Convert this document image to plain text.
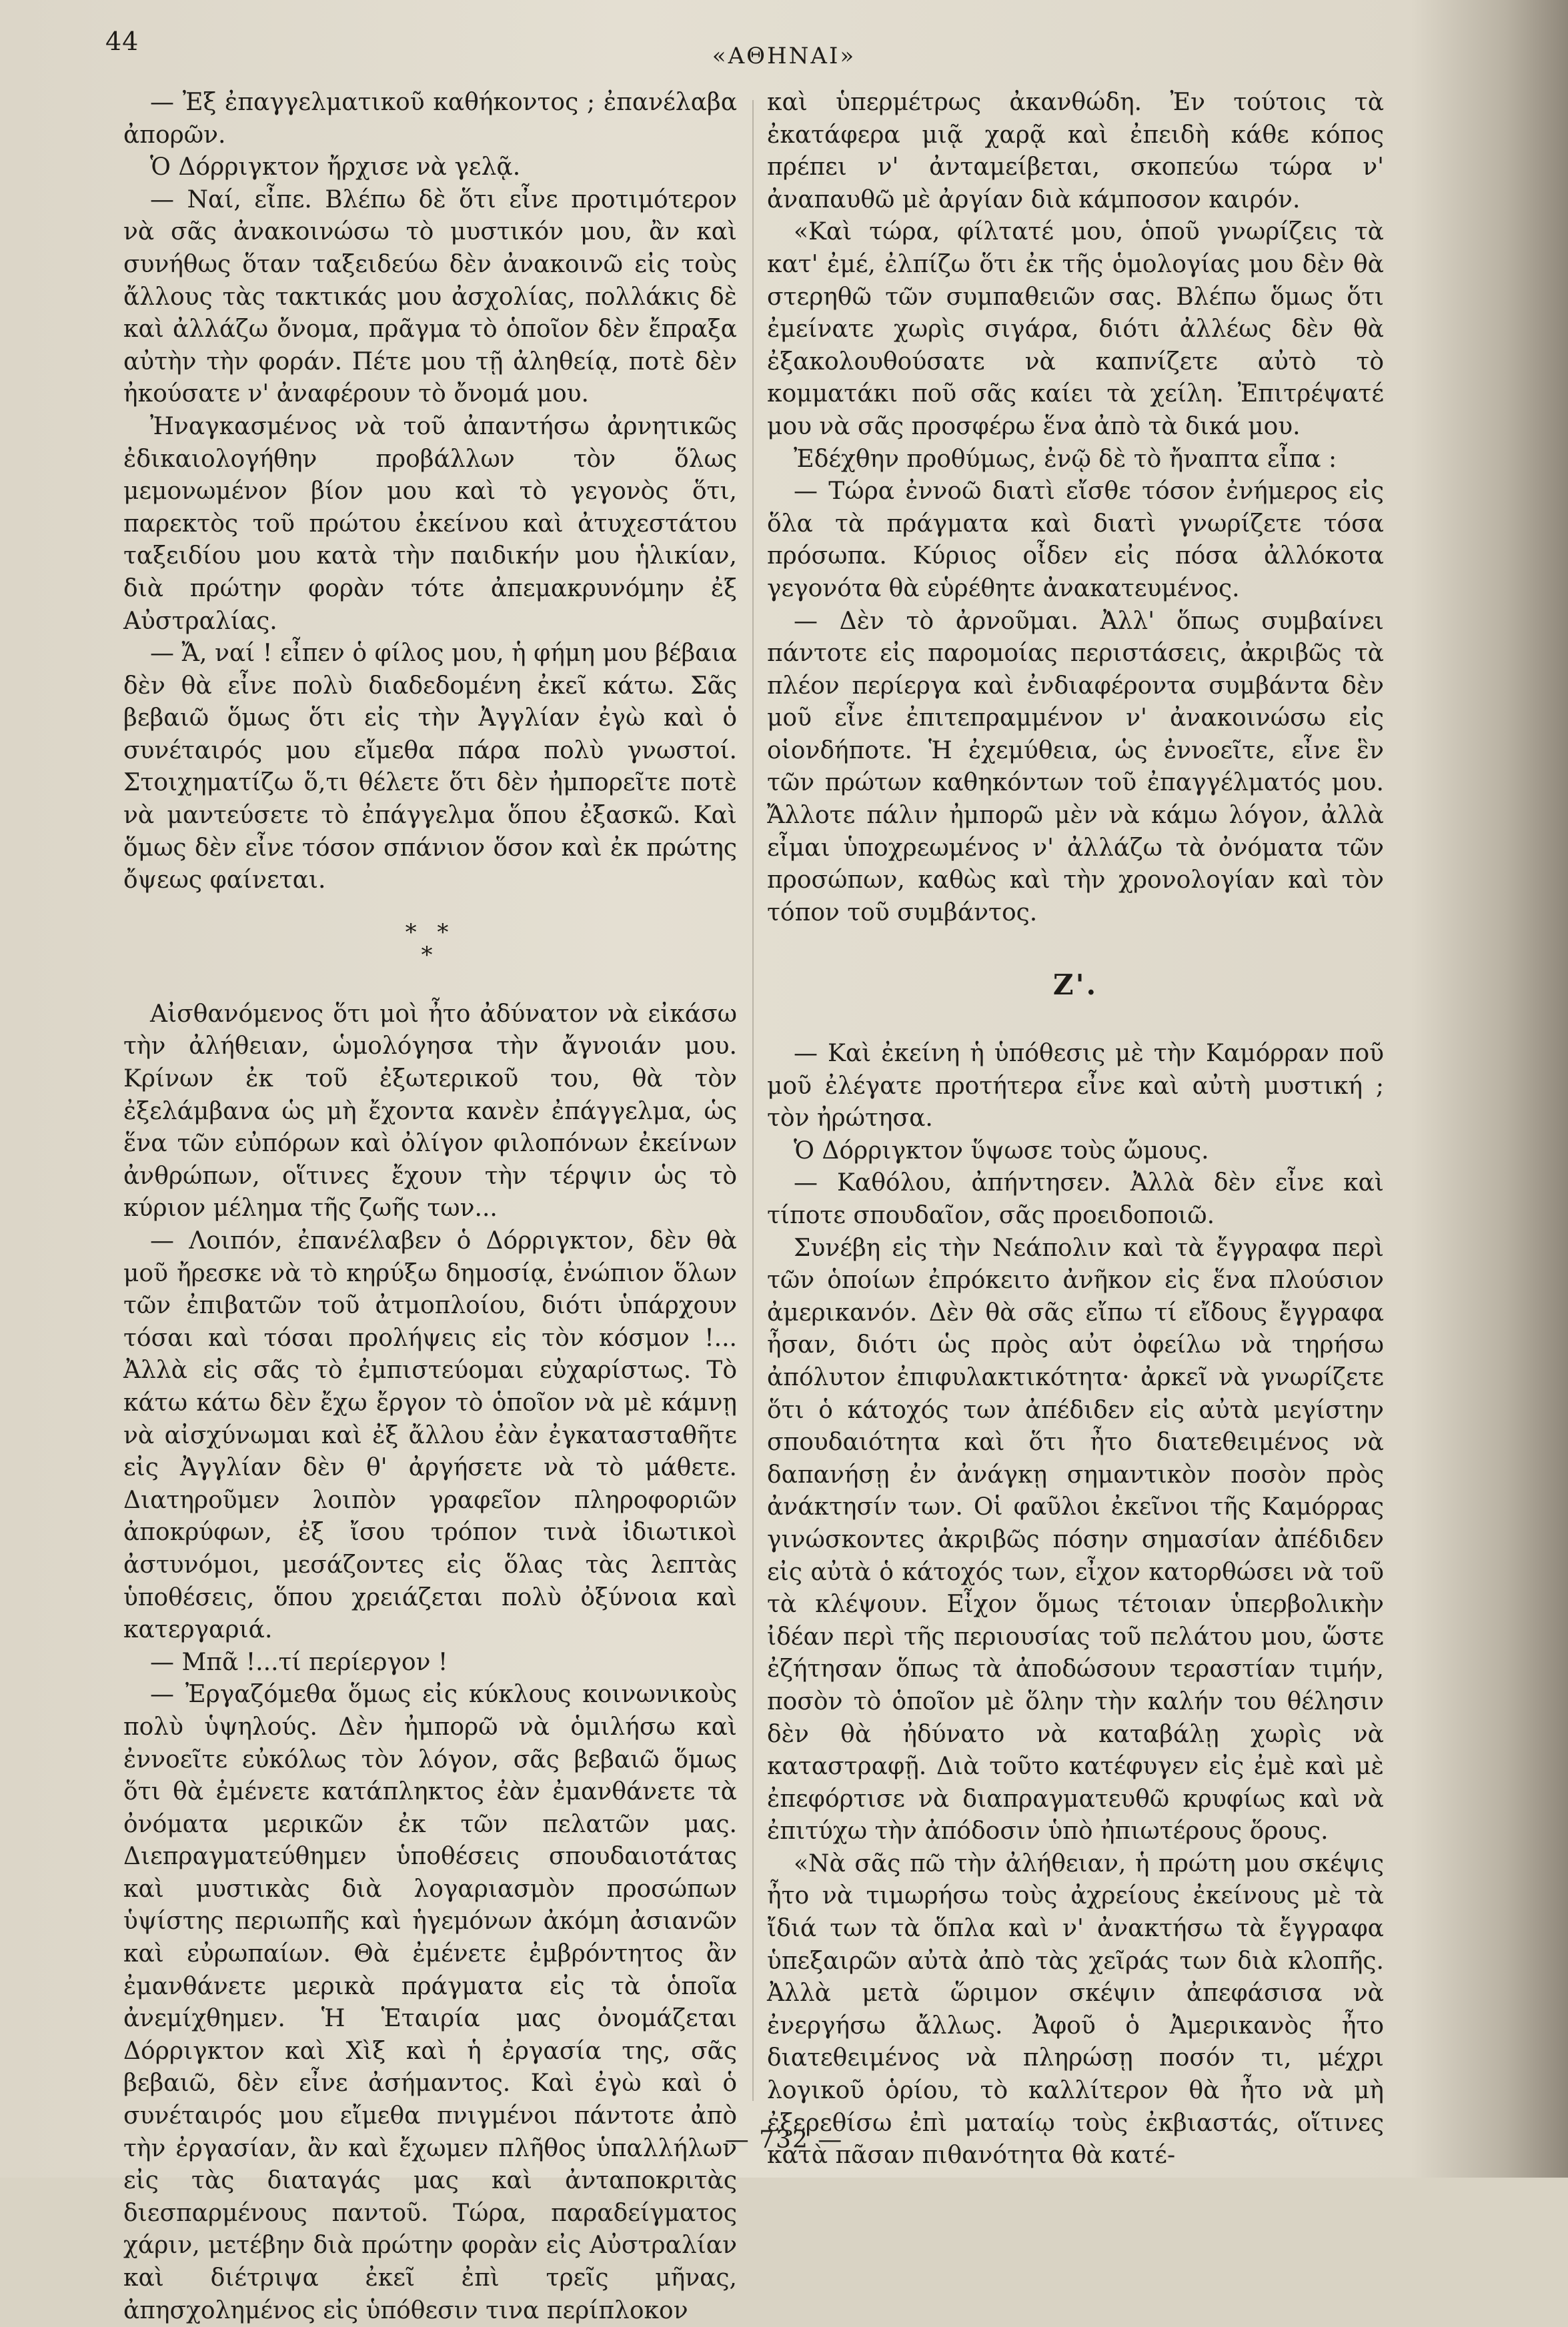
44	«ΑΘΗΝΑΙ»

— Ἐξ ἐπαγγελματικοῦ καθήκοντος ; ἐπανέλαβα ἀπορῶν.

Ὁ Δόρριγκτον ἤρχισε νὰ γελᾷ.

— Ναί, εἶπε. Βλέπω δὲ ὅτι εἶνε προτιμότερον νὰ σᾶς ἀνακοινώσω τὸ μυστικόν μου, ἂν καὶ συνήθως ὅταν ταξειδεύω δὲν ἀνακοινῶ εἰς τοὺς ἄλλους τὰς τακτικάς μου ἀσχολίας, πολλάκις δὲ καὶ ἀλλάζω ὄνομα, πρᾶγμα τὸ ὁποῖον δὲν ἔπραξα αὐτὴν τὴν φοράν. Πέτε μου τῇ ἀληθείᾳ, ποτὲ δὲν ἠκούσατε ν' ἀναφέρουν τὸ ὄνομά μου.

Ἠναγκασμένος νὰ τοῦ ἀπαντήσω ἀρνητικῶς ἐδικαιολογήθην προβάλλων τὸν ὅλως μεμονωμένον βίον μου καὶ τὸ γεγονὸς ὅτι, παρεκτὸς τοῦ πρώτου ἐκείνου καὶ ἀτυχεστάτου ταξειδίου μου κατὰ τὴν παιδικήν μου ἡλικίαν, διὰ πρώτην φορὰν τότε ἀπεμακρυνόμην ἐξ Αὐστραλίας.

— Ἄ, ναί ! εἶπεν ὁ φίλος μου, ἡ φήμη μου βέβαια δὲν θὰ εἶνε πολὺ διαδεδομένη ἐκεῖ κάτω. Σᾶς βεβαιῶ ὅμως ὅτι εἰς τὴν Ἀγγλίαν ἐγὼ καὶ ὁ συνέταιρός μου εἴμεθα πάρα πολὺ γνωστοί. Στοιχηματίζω ὅ,τι θέλετε ὅτι δὲν ἠμπορεῖτε ποτὲ νὰ μαντεύσετε τὸ ἐπάγγελμα ὅπου ἐξασκῶ. Καὶ ὅμως δὲν εἶνε τόσον σπάνιον ὅσον καὶ ἐκ πρώτης ὄψεως φαίνεται.

* *
*

Αἰσθανόμενος ὅτι μοὶ ἦτο ἀδύνατον νὰ εἰκάσω τὴν ἀλήθειαν, ὡμολόγησα τὴν ἄγνοιάν μου. Κρίνων ἐκ τοῦ ἐξωτερικοῦ του, θὰ τὸν ἐξελάμβανα ὡς μὴ ἔχοντα κανὲν ἐπάγγελμα, ὡς ἕνα τῶν εὐπόρων καὶ ὀλίγον φιλοπόνων ἐκείνων ἀνθρώπων, οἵτινες ἔχουν τὴν τέρψιν ὡς τὸ κύριον μέλημα τῆς ζωῆς των...

— Λοιπόν, ἐπανέλαβεν ὁ Δόρριγκτον, δὲν θὰ μοῦ ἤρεσκε νὰ τὸ κηρύξω δημοσίᾳ, ἐνώπιον ὅλων τῶν ἐπιβατῶν τοῦ ἀτμοπλοίου, διότι ὑπάρχουν τόσαι καὶ τόσαι προλήψεις εἰς τὸν κόσμον !... Ἀλλὰ εἰς σᾶς τὸ ἐμπιστεύομαι εὐχαρίστως. Τὸ κάτω κάτω δὲν ἔχω ἔργον τὸ ὁποῖον νὰ μὲ κάμνῃ νὰ αἰσχύνωμαι καὶ ἐξ ἄλλου ἐὰν ἐγκατασταθῆτε εἰς Ἀγγλίαν δὲν θ' ἀργήσετε νὰ τὸ μάθετε. Διατηροῦμεν λοιπὸν γραφεῖον πληροφοριῶν ἀποκρύφων, ἐξ ἴσου τρόπον τινὰ ἰδιωτικοὶ ἀστυνόμοι, μεσάζοντες εἰς ὅλας τὰς λεπτὰς ὑποθέσεις, ὅπου χρειάζεται πολὺ ὀξύνοια καὶ κατεργαριά.

— Μπᾶ !...τί περίεργον !

— Ἐργαζόμεθα ὅμως εἰς κύκλους κοινωνικοὺς πολὺ ὑψηλούς. Δὲν ἠμπορῶ νὰ ὁμιλήσω καὶ ἐννοεῖτε εὐκόλως τὸν λόγον, σᾶς βεβαιῶ ὅμως ὅτι θὰ ἐμένετε κατάπληκτος ἐὰν ἐμανθάνετε τὰ ὀνόματα μερικῶν ἐκ τῶν πελατῶν μας. Διεπραγματεύθημεν ὑποθέσεις σπουδαιοτάτας καὶ μυστικὰς διὰ λογαριασμὸν προσώπων ὑψίστης περιωπῆς καὶ ἡγεμόνων ἀκόμη ἀσιανῶν καὶ εὐρωπαίων. Θὰ ἐμένετε ἐμβρόντητος ἂν ἐμανθάνετε μερικὰ πράγματα εἰς τὰ ὁποῖα ἀνεμίχθημεν. Ἡ Ἑταιρία μας ὀνομάζεται Δόρριγκτον καὶ Χὶξ καὶ ἡ ἐργασία της, σᾶς βεβαιῶ, δὲν εἶνε ἀσήμαντος. Καὶ ἐγὼ καὶ ὁ συνέταιρός μου εἴμεθα πνιγμένοι πάντοτε ἀπὸ τὴν ἐργασίαν, ἂν καὶ ἔχωμεν πλῆθος ὑπαλλήλων εἰς τὰς διαταγάς μας καὶ ἀνταποκριτὰς διεσπαρμένους παντοῦ. Τώρα, παραδείγματος χάριν, μετέβην διὰ πρώτην φορὰν εἰς Αὐστραλίαν καὶ διέτριψα ἐκεῖ ἐπὶ τρεῖς μῆνας, ἀπησχολημένος εἰς ὑπόθεσιν τινα περίπλοκον

καὶ ὑπερμέτρως ἀκανθώδη. Ἐν τούτοις τὰ ἐκατάφερα μιᾷ χαρᾷ καὶ ἐπειδὴ κάθε κόπος πρέπει ν' ἀνταμείβεται, σκοπεύω τώρα ν' ἀναπαυθῶ μὲ ἀργίαν διὰ κάμποσον καιρόν.

«Καὶ τώρα, φίλτατέ μου, ὁποῦ γνωρίζεις τὰ κατ' ἐμέ, ἐλπίζω ὅτι ἐκ τῆς ὁμολογίας μου δὲν θὰ στερηθῶ τῶν συμπαθειῶν σας. Βλέπω ὅμως ὅτι ἐμείνατε χωρὶς σιγάρα, διότι ἀλλέως δὲν θὰ ἐξακολουθούσατε νὰ καπνίζετε αὐτὸ τὸ κομματάκι ποῦ σᾶς καίει τὰ χείλη. Ἐπιτρέψατέ μου νὰ σᾶς προσφέρω ἕνα ἀπὸ τὰ δικά μου.

Ἐδέχθην προθύμως, ἐνῷ δὲ τὸ ἤναπτα εἶπα :

— Τώρα ἐννοῶ διατὶ εἴσθε τόσον ἐνήμερος εἰς ὅλα τὰ πράγματα καὶ διατὶ γνωρίζετε τόσα πρόσωπα. Κύριος οἶδεν εἰς πόσα ἀλλόκοτα γεγονότα θὰ εὑρέθητε ἀνακατευμένος.

— Δὲν τὸ ἀρνοῦμαι. Ἀλλ' ὅπως συμβαίνει πάντοτε εἰς παρομοίας περιστάσεις, ἀκριβῶς τὰ πλέον περίεργα καὶ ἐνδιαφέροντα συμβάντα δὲν μοῦ εἶνε ἐπιτεπραμμένον ν' ἀνακοινώσω εἰς οἱονδήποτε. Ἡ ἐχεμύθεια, ὡς ἐννοεῖτε, εἶνε ἓν τῶν πρώτων καθηκόντων τοῦ ἐπαγγέλματός μου. Ἄλλοτε πάλιν ἠμπορῶ μὲν νὰ κάμω λόγον, ἀλλὰ εἶμαι ὑποχρεωμένος ν' ἀλλάζω τὰ ὀνόματα τῶν προσώπων, καθὼς καὶ τὴν χρονολογίαν καὶ τὸν τόπον τοῦ συμβάντος.

Ζ'.

— Καὶ ἐκείνη ἡ ὑπόθεσις μὲ τὴν Καμόρραν ποῦ μοῦ ἐλέγατε προτήτερα εἶνε καὶ αὐτὴ μυστική ; τὸν ἠρώτησα.

Ὁ Δόρριγκτον ὕψωσε τοὺς ὤμους.

— Καθόλου, ἀπήντησεν. Ἀλλὰ δὲν εἶνε καὶ τίποτε σπουδαῖον, σᾶς προειδοποιῶ.

Συνέβη εἰς τὴν Νεάπολιν καὶ τὰ ἔγγραφα περὶ τῶν ὁποίων ἐπρόκειτο ἀνῆκον εἰς ἕνα πλούσιον ἀμερικανόν. Δὲν θὰ σᾶς εἴπω τί εἴδους ἔγγραφα ἦσαν, διότι ὡς πρὸς αὐτ ὀφείλω νὰ τηρήσω ἀπόλυτον ἐπιφυλακτικότητα· ἀρκεῖ νὰ γνωρίζετε ὅτι ὁ κάτοχός των ἀπέδιδεν εἰς αὐτὰ μεγίστην σπουδαιότητα καὶ ὅτι ἦτο διατεθειμένος νὰ δαπανήσῃ ἐν ἀνάγκῃ σημαντικὸν ποσὸν πρὸς ἀνάκτησίν των. Οἱ φαῦλοι ἐκεῖνοι τῆς Καμόρρας γινώσκοντες ἀκριβῶς πόσην σημασίαν ἀπέδιδεν εἰς αὐτὰ ὁ κάτοχός των, εἶχον κατορθώσει νὰ τοῦ τὰ κλέψουν. Εἶχον ὅμως τέτοιαν ὑπερβολικὴν ἰδέαν περὶ τῆς περιουσίας τοῦ πελάτου μου, ὥστε ἐζήτησαν ὅπως τὰ ἀποδώσουν τεραστίαν τιμήν, ποσὸν τὸ ὁποῖον μὲ ὅλην τὴν καλήν του θέλησιν δὲν θὰ ἠδύνατο νὰ καταβάλῃ χωρὶς νὰ καταστραφῇ. Διὰ τοῦτο κατέφυγεν εἰς ἐμὲ καὶ μὲ ἐπεφόρτισε νὰ διαπραγματευθῶ κρυφίως καὶ νὰ ἐπιτύχω τὴν ἀπόδοσιν ὑπὸ ἠπιωτέρους ὅρους.

«Νὰ σᾶς πῶ τὴν ἀλήθειαν, ἡ πρώτη μου σκέψις ἦτο νὰ τιμωρήσω τοὺς ἀχρείους ἐκείνους μὲ τὰ ἴδιά των τὰ ὅπλα καὶ ν' ἀνακτήσω τὰ ἔγγραφα ὑπεξαιρῶν αὐτὰ ἀπὸ τὰς χεῖράς των διὰ κλοπῆς. Ἀλλὰ μετὰ ὥριμον σκέψιν ἀπεφάσισα νὰ ἐνεργήσω ἄλλως. Ἀφοῦ ὁ Ἀμερικανὸς ἦτο διατεθειμένος νὰ πληρώσῃ ποσόν τι, μέχρι λογικοῦ ὁρίου, τὸ καλλίτερον θὰ ἦτο νὰ μὴ ἐξερεθίσω ἐπὶ ματαίῳ τοὺς ἐκβιαστάς, οἵτινες κατὰ πᾶσαν πιθανότητα θὰ κατέ-

— 732 —
